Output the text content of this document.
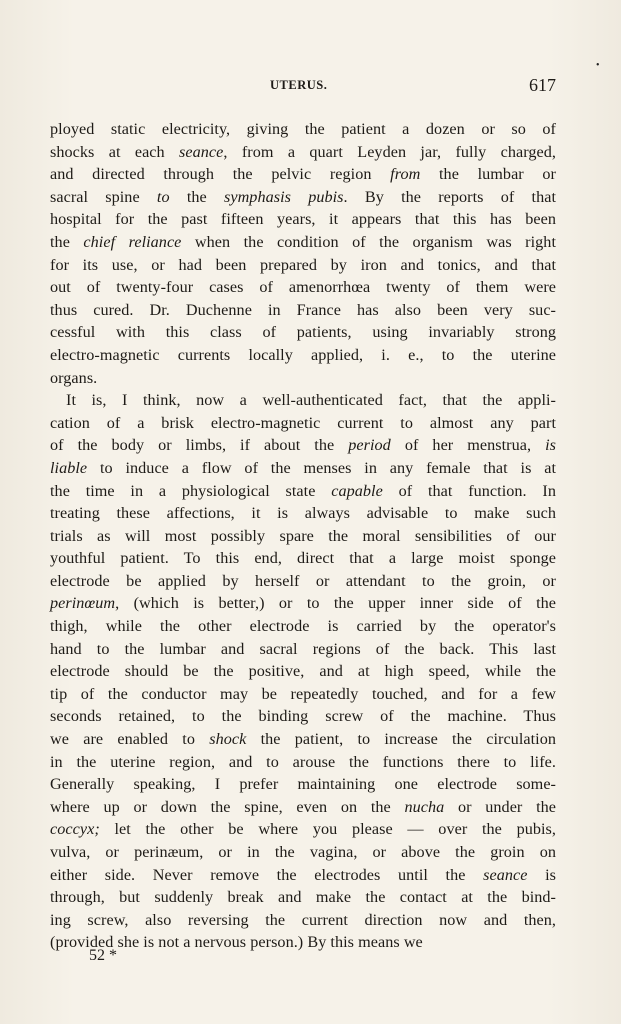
•
UTERUS.	617
ployed static electricity, giving the patient a dozen or so of
shocks at each seance, from a quart Leyden jar, fully charged,
and directed through the pelvic region from the lumbar or
sacral spine to the symphasis pubis. By the reports of that
hospital for the past fifteen years, it appears that this has been
the chief reliance when the condition of the organism was right
for its use, or had been prepared by iron and tonics, and that
out of twenty-four cases of amenorrhœa twenty of them were
thus cured. Dr. Duchenne in France has also been very suc-
cessful with this class of patients, using invariably strong
electro-magnetic currents locally applied, i. e., to the uterine
organs.
It is, I think, now a well-authenticated fact, that the appli-
cation of a brisk electro-magnetic current to almost any part
of the body or limbs, if about the period of her menstrua, is
liable to induce a flow of the menses in any female that is at
the time in a physiological state capable of that function. In
treating these affections, it is always advisable to make such
trials as will most possibly spare the moral sensibilities of our
youthful patient. To this end, direct that a large moist sponge
electrode be applied by herself or attendant to the groin, or
perinœum, (which is better,) or to the upper inner side of the
thigh, while the other electrode is carried by the operator's
hand to the lumbar and sacral regions of the back. This last
electrode should be the positive, and at high speed, while the
tip of the conductor may be repeatedly touched, and for a few
seconds retained, to the binding screw of the machine. Thus
we are enabled to shock the patient, to increase the circulation
in the uterine region, and to arouse the functions there to life.
Generally speaking, I prefer maintaining one electrode some-
where up or down the spine, even on the nucha or under the
coccyx; let the other be where you please — over the pubis,
vulva, or perinæum, or in the vagina, or above the groin on
either side. Never remove the electrodes until the seance is
through, but suddenly break and make the contact at the bind-
ing screw, also reversing the current direction now and then,
(provided she is not a nervous person.) By this means we
52 *
